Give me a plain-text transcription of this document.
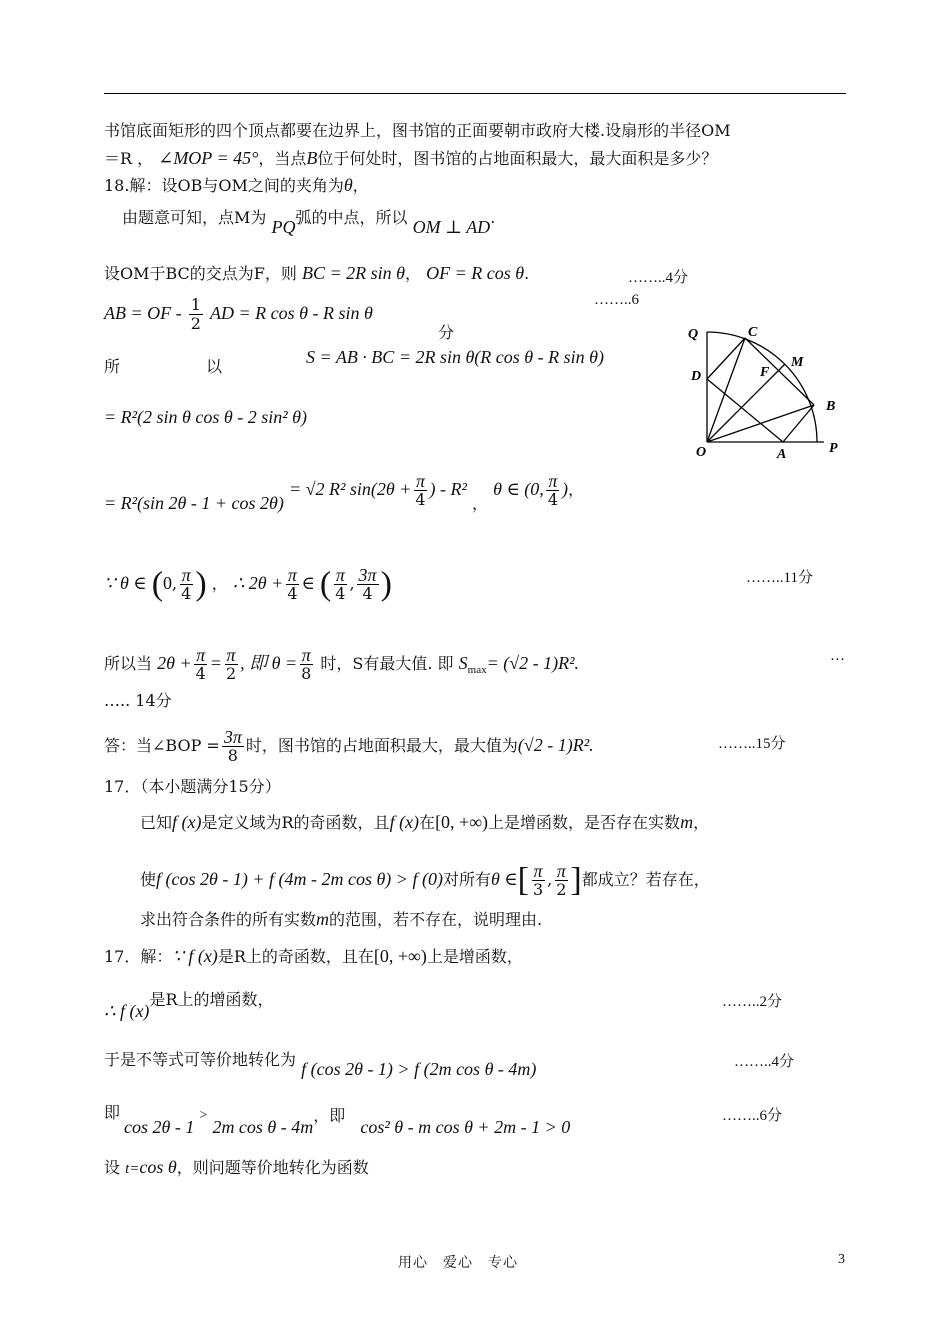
书馆底面矩形的四个顶点都要在边界上，图书馆的正面要朝市政府大楼.设扇形的半径OM
＝R ， ∠MOP = 45°，当点B位于何处时，图书馆的占地面积最大，最大面积是多少？
18.解：设OB与OM之间的夹角为θ，
由题意可知，点M为 PQ弧的中点，所以 OM ⊥ AD.
设OM于BC的交点为F，则 BC = 2R sin θ， OF = R cos θ.	……..4分
AB = OF - $\frac{1}{2}$ AD = R cos θ - R sin θ
……..6
分
所	以	S = AB · BC = 2R sin θ(R cos θ - R sin θ)
= R²(2 sin θ cos θ - 2 sin² θ)
= R²(sin 2θ - 1 + cos 2θ) = √2 R² $\sin(2\theta + \frac{\pi}{4}$ ) - R² ， θ ∈ (0, $\frac{\pi}{4}$ )，
∵ θ ∈ (0, $\frac{\pi}{4}$ ) ， ∴ $2\theta + \frac{\pi}{4}$ ∈ ( $\frac{\pi}{4}$ , $\frac{3\pi}{4}$ )	……..11分
所以当 $2\theta + \frac{\pi}{4} = \frac{\pi}{2}$ , 即 $\theta = \frac{\pi}{8}$ 时，S有最大值. 即 $S_{max}= (√2 - 1)R^2$.	…
….. 14分
答：当∠BOP = $\frac{3\pi}{8}$ 时，图书馆的占地面积最大，最大值为(√2 - 1)R².	……..15分
17．（本小题满分15分）
已知f (x)是定义域为R的奇函数，且f (x)在[0, +∞)上是增函数，是否存在实数m，
使f (cos 2θ - 1) + f (4m - 2m cos θ) > f (0)对所有θ ∈[ $\frac{\pi}{3}$ , $\frac{\pi}{2}$ ]都成立？若存在，
求出符合条件的所有实数m的范围，若不存在，说明理由.
17．解：∵ f (x)是R上的奇函数，且在[0, +∞)上是增函数，
∴ f (x)是R上的增函数，	……..2分
于是不等式可等价地转化为 f (cos 2θ - 1) > f (2m cos θ - 4m)	……..4分
即
cos 2θ - 1 > 2m cos θ - 4m，即 cos² θ - m cos θ + 2m - 1 > 0
……..6分
设 t=cos θ，则问题等价地转化为函数
Q	C
M
D	F
B
O	A	P
用心　爱心　专心	3
